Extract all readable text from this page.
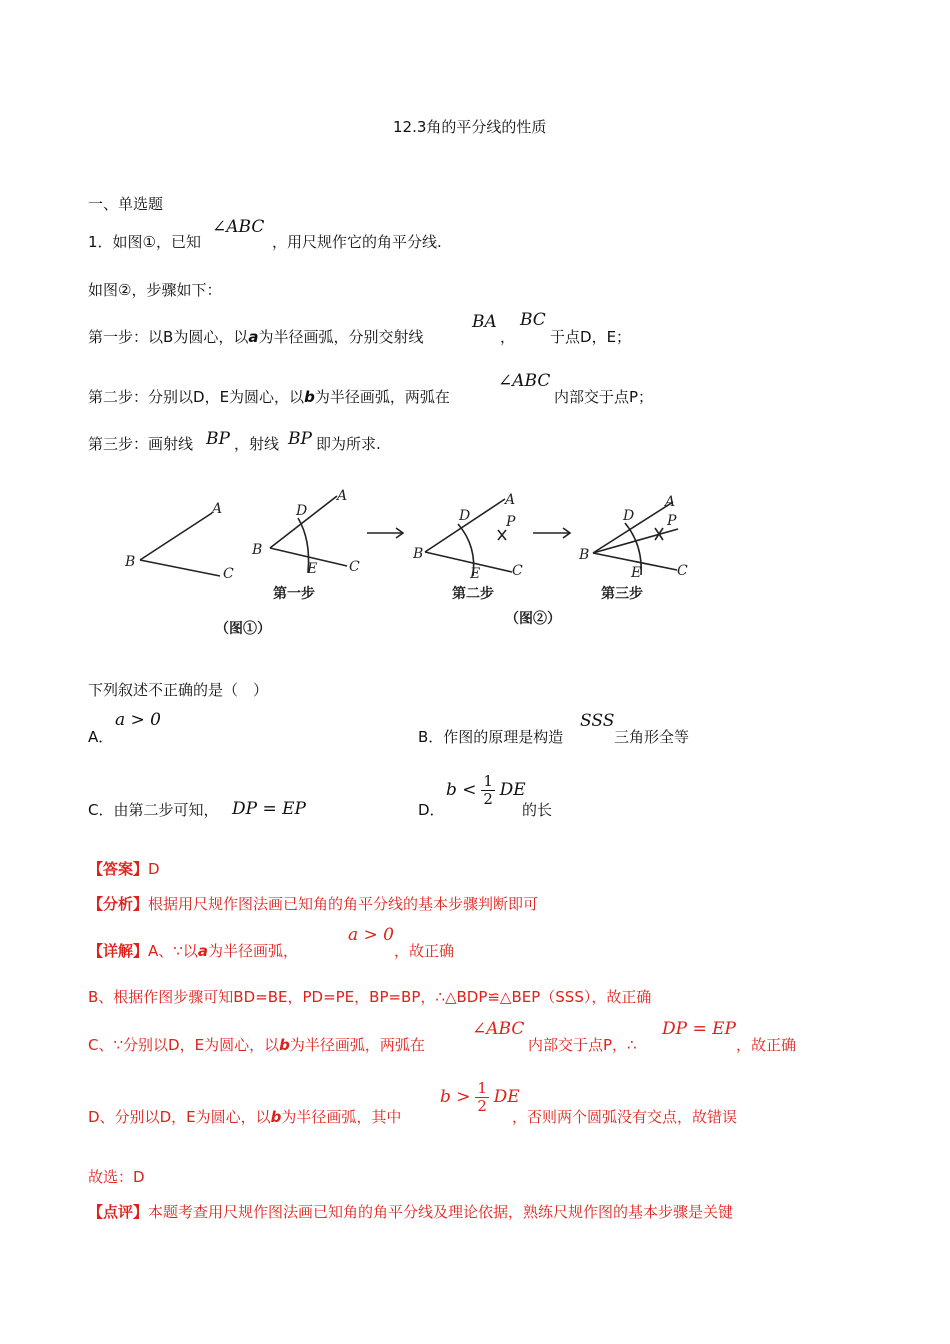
12.3角的平分线的性质
一、单选题
1．如图①，已知
∠ABC
，用尺规作它的角平分线.
如图②，步骤如下：
第一步：以B为圆心，以a为半径画弧，分别交射线
BA
，
BC
于点D，E；
第二步：分别以D，E为圆心，以b为半径画弧，两弧在
∠ABC
内部交于点P；
第三步：画射线 BP ，射线 BP 即为所求.
B
A
C
B
A
D
E C
B
A
D	P
E C
B
A
D P
E	C
第一步	第二步	第三步
（图①）
（图②）
下列叙述不正确的是（　）
A．
a > 0
B．作图的原理是构造
SSS
三角形全等
C．由第二步可知， DP = EP	D．
$b < \frac{1}{2}$ DE
的长
【答案】D
【分析】根据用尺规作图法画已知角的角平分线的基本步骤判断即可
【详解】A、∵以a为半径画弧，
a > 0
，故正确
B、根据作图步骤可知BD=BE，PD=PE，BP=BP，∴△BDP≌△BEP（SSS），故正确
C、∵分别以D，E为圆心，以b为半径画弧，两弧在
∠ABC
内部交于点P，∴
DP = EP
，故正确
D、分别以D，E为圆心，以b为半径画弧，其中
$b > \frac{1}{2}$ DE
，否则两个圆弧没有交点，故错误
故选：D
【点评】本题考查用尺规作图法画已知角的角平分线及理论依据，熟练尺规作图的基本步骤是关键
